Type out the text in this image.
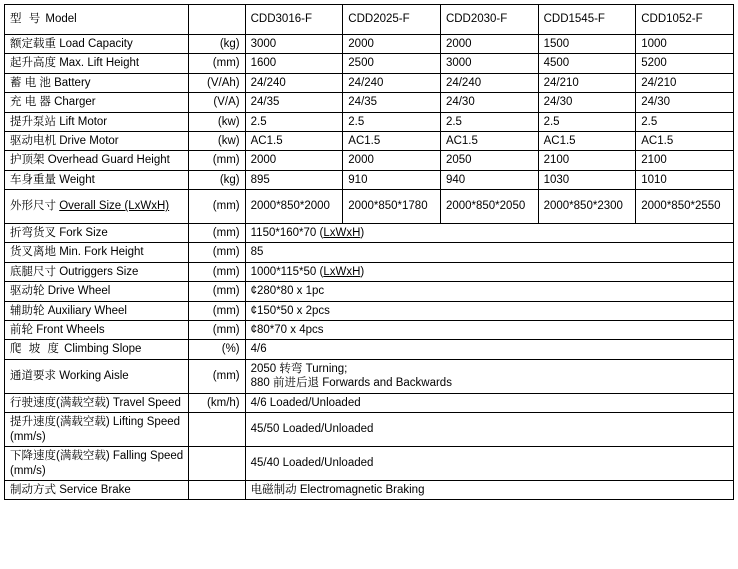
型 号 Model		CDD3016-F	CDD2025-F	CDD2030-F	CDD1545-F	CDD1052-F
额定载重 Load Capacity	(kg)	3000	2000	2000	1500	1000
起升高度 Max. Lift Height	(mm)	1600	2500	3000	4500	5200
蓄 电 池 Battery	(V/Ah)	24/240	24/240	24/240	24/210	24/210
充 电 器 Charger	(V/A)	24/35	24/35	24/30	24/30	24/30
提升泵站 Lift Motor	(kw)	2.5	2.5	2.5	2.5	2.5
驱动电机 Drive Motor	(kw)	AC1.5	AC1.5	AC1.5	AC1.5	AC1.5
护顶架 Overhead Guard Height	(mm)	2000	2000	2050	2100	2100
车身重量 Weight	(kg)	895	910	940	1030	1010
外形尺寸 Overall Size (LxWxH)	(mm)	2000*850*2000	2000*850*1780	2000*850*2050	2000*850*2300	2000*850*2550
折弯货叉 Fork Size	(mm)	1150*160*70 (LxWxH)				
货叉离地 Min. Fork Height	(mm)	85				
底腿尺寸 Outriggers Size	(mm)	1000*115*50 (LxWxH)				
驱动轮 Drive Wheel	(mm)	¢280*80 x 1pc				
辅助轮 Auxiliary Wheel	(mm)	¢150*50 x 2pcs				
前轮 Front Wheels	(mm)	¢80*70 x 4pcs				
爬 坡 度 Climbing Slope	(%)	4/6				
通道要求 Working Aisle	(mm)	2050 转弯 Turning;
880 前进后退 Forwards and Backwards				

行驶速度(满载空载) Travel Speed	(km/h)	4/6 Loaded/Unloaded				

提升速度(满载空载) Lifting Speed
(mm/s)		45/50 Loaded/Unloaded				

下降速度(满载空载) Falling Speed
(mm/s)		45/40 Loaded/Unloaded				
制动方式 Service Brake		电磁制动 Electromagnetic Braking				
